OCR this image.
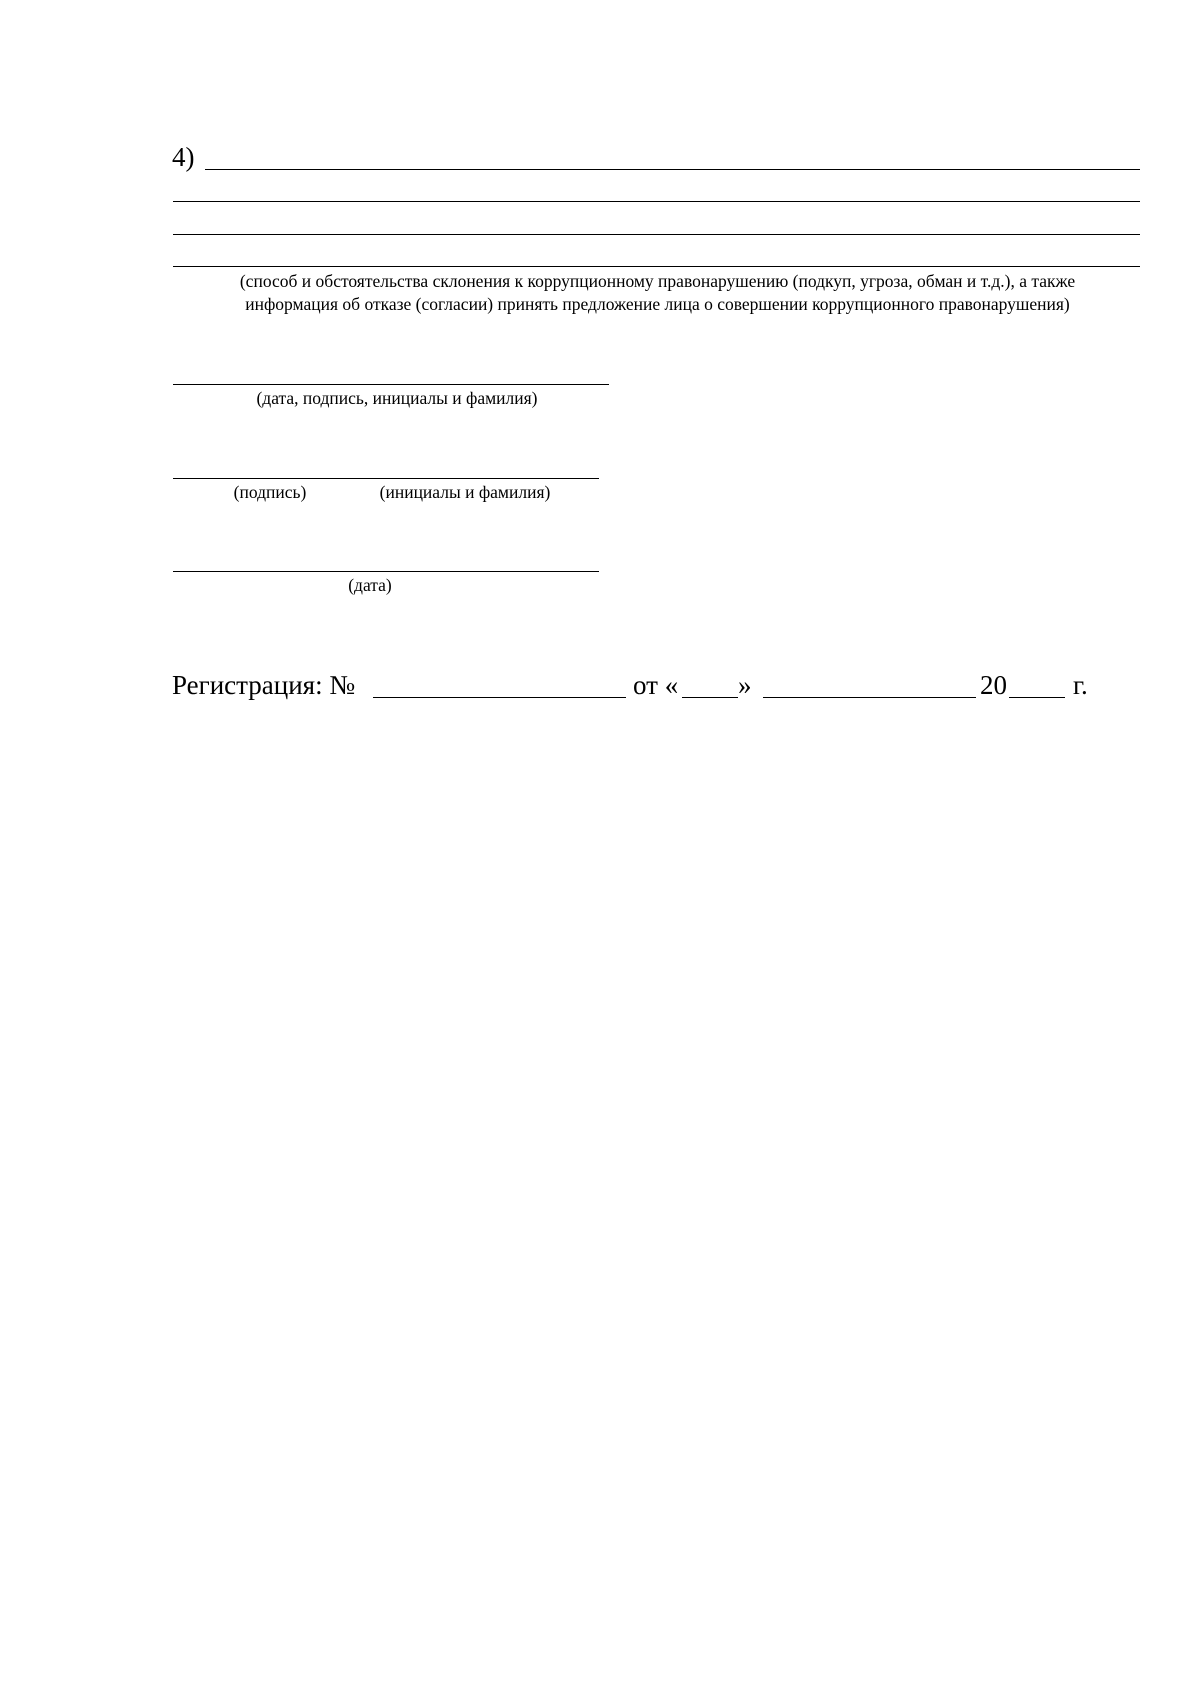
4)
(способ и обстоятельства склонения к коррупционному правонарушению (подкуп, угроза, обман и т.д.), а также
информация об отказе (согласии) принять предложение лица о совершении коррупционного правонарушения)
(дата, подпись, инициалы и фамилия)
(подпись)	(инициалы и фамилия)
(дата)
Регистрация: №	от « »	20 г.
